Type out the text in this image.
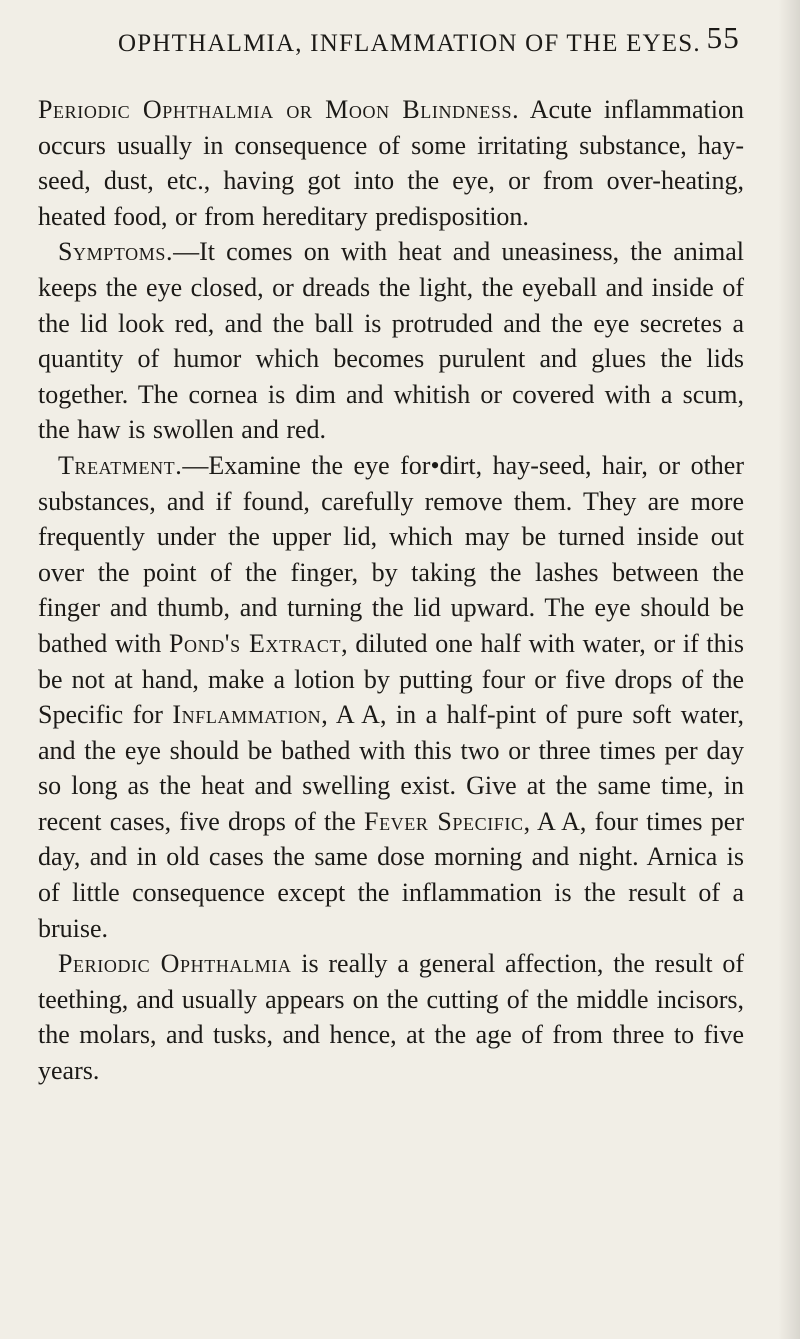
OPHTHALMIA, INFLAMMATION OF THE EYES. 55

Periodic Ophthalmia or Moon Blindness. Acute inflammation occurs usually in consequence of some irritating substance, hay-seed, dust, etc., having got into the eye, or from over-heating, heated food, or from hereditary predisposition.

Symptoms.—It comes on with heat and uneasiness, the animal keeps the eye closed, or dreads the light, the eyeball and inside of the lid look red, and the ball is protruded and the eye secretes a quantity of humor which becomes purulent and glues the lids together. The cornea is dim and whitish or covered with a scum, the haw is swollen and red.

Treatment.—Examine the eye for•dirt, hay-seed, hair, or other substances, and if found, carefully remove them. They are more frequently under the upper lid, which may be turned inside out over the point of the finger, by taking the lashes between the finger and thumb, and turning the lid upward. The eye should be bathed with Pond's Extract, diluted one half with water, or if this be not at hand, make a lotion by putting four or five drops of the Specific for Inflammation, A A, in a half-pint of pure soft water, and the eye should be bathed with this two or three times per day so long as the heat and swelling exist. Give at the same time, in recent cases, five drops of the Fever Specific, A A, four times per day, and in old cases the same dose morning and night. Arnica is of little consequence except the inflammation is the result of a bruise.

Periodic Ophthalmia is really a general affection, the result of teething, and usually appears on the cutting of the middle incisors, the molars, and tusks, and hence, at the age of from three to five years.
